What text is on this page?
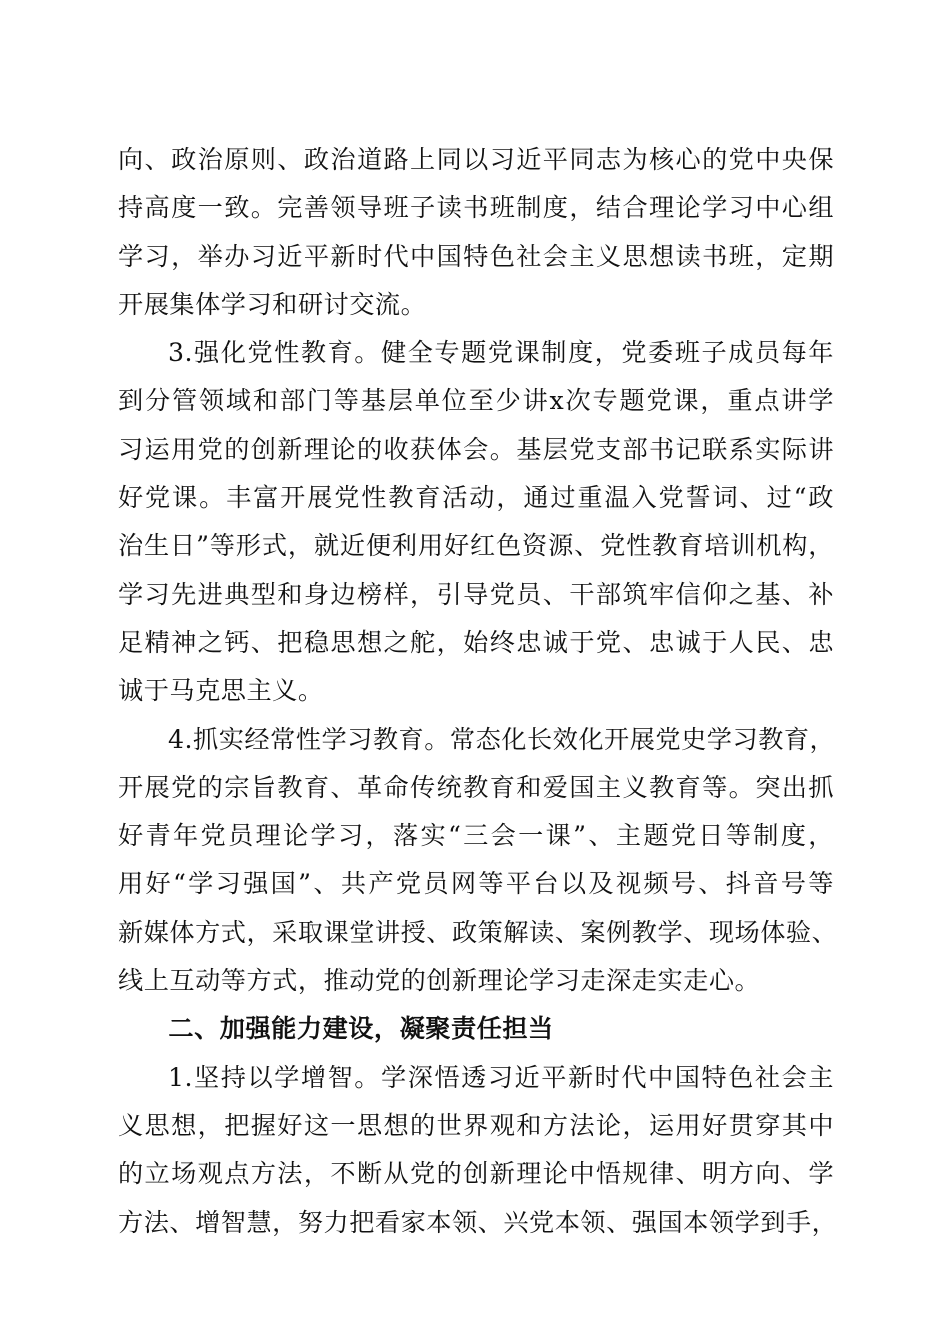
向、政治原则、政治道路上同以习近平同志为核心的党中央保
持高度一致。完善领导班子读书班制度，结合理论学习中心组
学习，举办习近平新时代中国特色社会主义思想读书班，定期
开展集体学习和研讨交流。

3.强化党性教育。健全专题党课制度，党委班子成员每年
到分管领域和部门等基层单位至少讲x次专题党课，重点讲学
习运用党的创新理论的收获体会。基层党支部书记联系实际讲
好党课。丰富开展党性教育活动，通过重温入党誓词、过“政
治生日”等形式，就近便利用好红色资源、党性教育培训机构，
学习先进典型和身边榜样，引导党员、干部筑牢信仰之基、补
足精神之钙、把稳思想之舵，始终忠诚于党、忠诚于人民、忠
诚于马克思主义。

4.抓实经常性学习教育。常态化长效化开展党史学习教育，
开展党的宗旨教育、革命传统教育和爱国主义教育等。突出抓
好青年党员理论学习，落实“三会一课”、主题党日等制度，
用好“学习强国”、共产党员网等平台以及视频号、抖音号等
新媒体方式，采取课堂讲授、政策解读、案例教学、现场体验、
线上互动等方式，推动党的创新理论学习走深走实走心。

二、加强能力建设，凝聚责任担当

1.坚持以学增智。学深悟透习近平新时代中国特色社会主
义思想，把握好这一思想的世界观和方法论，运用好贯穿其中
的立场观点方法，不断从党的创新理论中悟规律、明方向、学
方法、增智慧，努力把看家本领、兴党本领、强国本领学到手，
